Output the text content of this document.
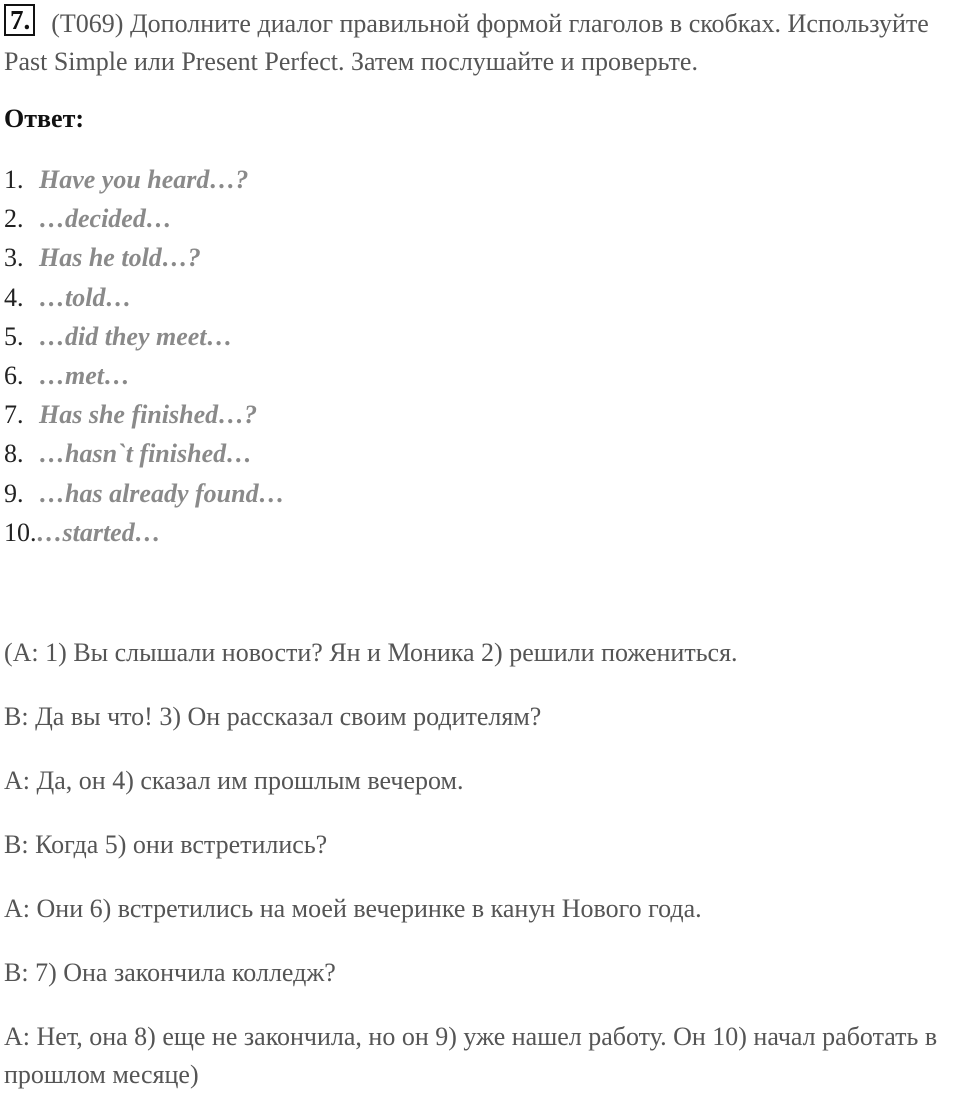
7. (T069) Дополните диалог правильной формой глаголов в скобках. Используйте Past Simple или Present Perfect. Затем послушайте и проверьте.
Ответ:
1. Have you heard…?
2. …decided…
3. Has he told…?
4. …told…
5. …did they meet…
6. …met…
7. Has she finished…?
8. …hasn`t finished…
9. …has already found…
10.…started…

(А: 1) Вы слышали новости? Ян и Моника 2) решили пожениться.

В: Да вы что! 3) Он рассказал своим родителям?

А: Да, он 4) сказал им прошлым вечером.

В: Когда 5) они встретились?

А: Они 6) встретились на моей вечеринке в канун Нового года.

В: 7) Она закончила колледж?

А: Нет, она 8) еще не закончила, но он 9) уже нашел работу. Он 10) начал работать в прошлом месяце)
